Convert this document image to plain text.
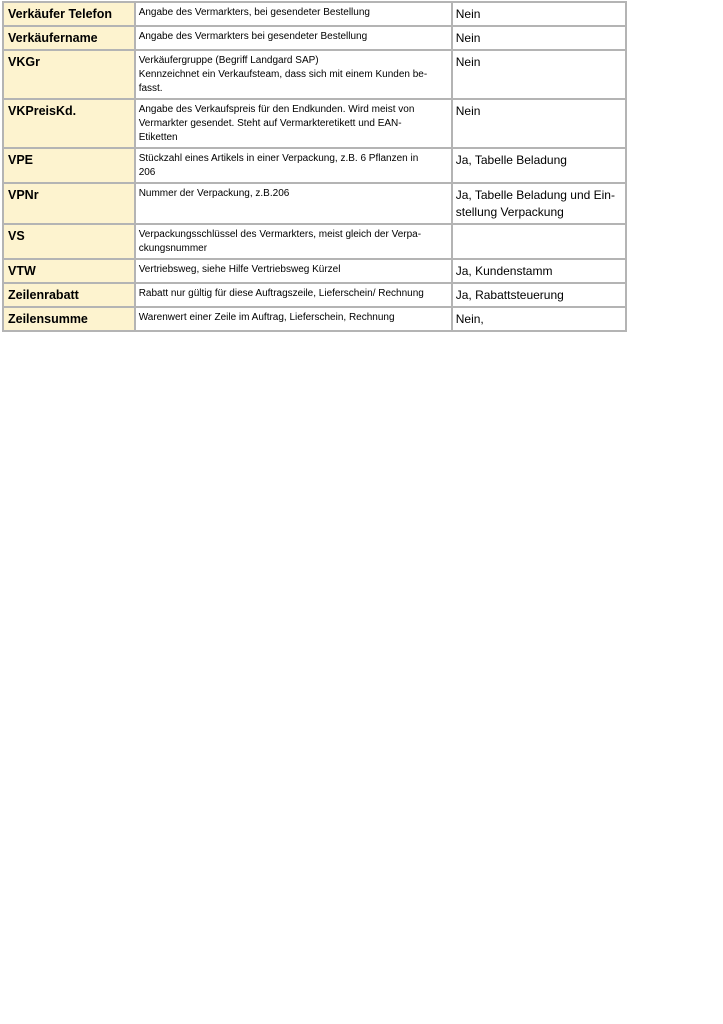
Verkäufer Telefon	Angabe des Vermarkters, bei gesendeter Bestellung	Nein
Verkäufername	Angabe des Vermarkters bei gesendeter Bestellung	Nein
VKGr	Verkäufergruppe (Begriff Landgard SAP)
Kennzeichnet ein Verkaufsteam, dass sich mit einem Kunden be-
fasst.	Nein
VKPreisKd.	Angabe des Verkaufspreis für den Endkunden. Wird meist von
Vermarkter gesendet. Steht auf Vermarkteretikett und EAN-
Etiketten	Nein
VPE	Stückzahl eines Artikels in einer Verpackung, z.B. 6 Pflanzen in
206	Ja, Tabelle Beladung
VPNr	Nummer der Verpackung, z.B.206	Ja, Tabelle Beladung und Ein-stellung Verpackung
VS	Verpackungsschlüssel des Vermarkters, meist gleich der Verpa-
ckungsnummer	

VTW	Vertriebsweg, siehe Hilfe Vertriebsweg Kürzel	Ja, Kundenstamm
Zeilenrabatt	Rabatt nur gültig für diese Auftragszeile, Lieferschein/ Rechnung	Ja, Rabattsteuerung
Zeilensumme	Warenwert einer Zeile im Auftrag, Lieferschein, Rechnung	Nein,
